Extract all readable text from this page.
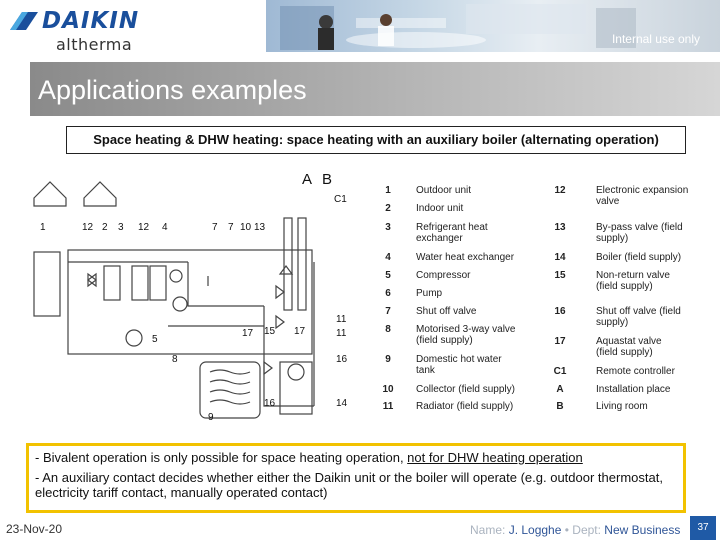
DAIKIN
altherma	Internal use only
Applications examples
Space heating & DHW heating: space heating with an auxiliary boiler (alternating operation)
A B
C1
1	12 2 3 12 4	7 7 10 13
11
11
15
16
17	17
14
5
8
9
16
1	Outdoor unit
2	Indoor unit
3	Refrigerant heat exchanger
4	Water heat exchanger
5	Compressor
6	Pump
7	Shut off valve
8	Motorised 3-way valve (field supply)
9	Domestic hot water tank
10	Collector (field supply)
11	Radiator (field supply)
12	Electronic expansion valve
13	By-pass valve (field supply)
14	Boiler (field supply)
15	Non-return valve (field supply)
16	Shut off valve (field supply)
17	Aquastat valve (field supply)
C1	Remote controller
A	Installation place
B	Living room

- Bivalent operation is only possible for space heating operation, not for DHW heating operation

- An auxiliary contact decides whether either the Daikin unit or the boiler will operate (e.g. outdoor thermostat, electricity tariff contact, manually operated contact)

23-Nov-20	Name: J. Logghe • Dept: New Business	37
